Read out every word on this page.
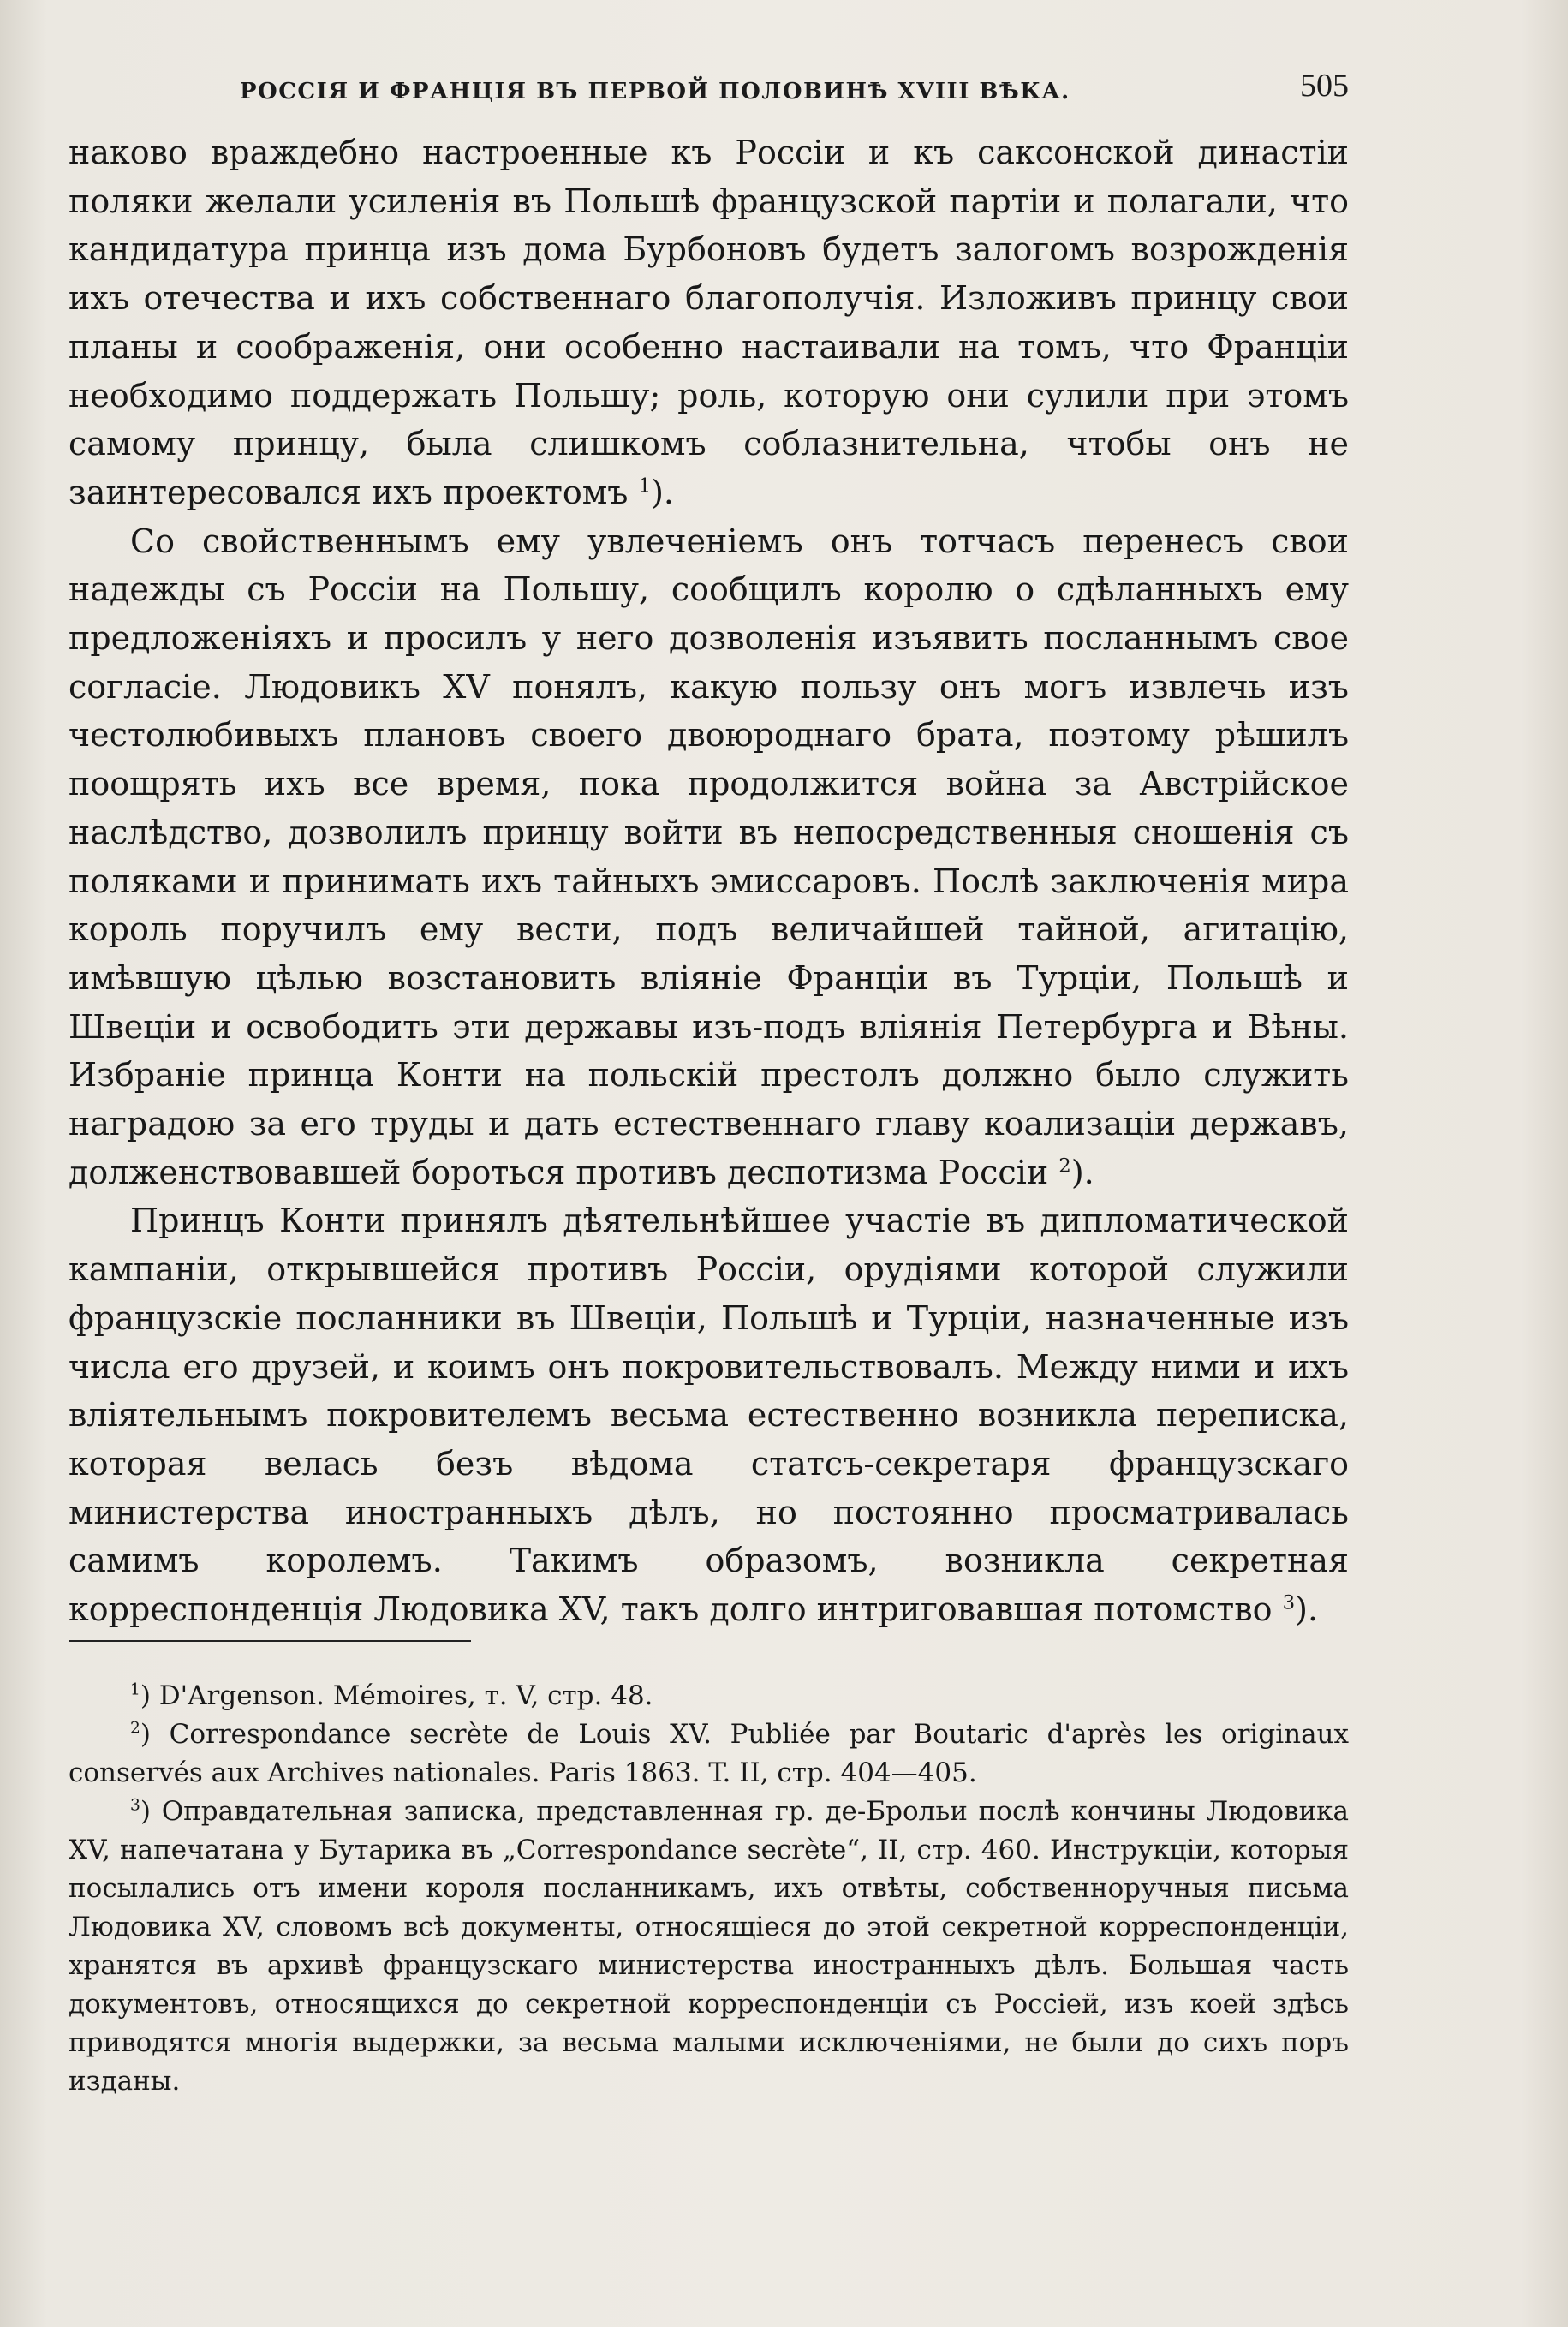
РОССІЯ И ФРАНЦІЯ ВЪ ПЕРВОЙ ПОЛОВИНѢ XVIII ВѢКА.	505

наково враждебно настроенные къ Россіи и къ саксонской династіи поляки желали усиленія въ Польшѣ французской партіи и полагали, что кандидатура принца изъ дома Бурбоновъ будетъ залогомъ возрожденія ихъ отечества и ихъ собственнаго благополучія. Изложивъ принцу свои планы и соображенія, они особенно настаивали на томъ, что Франціи необходимо поддержать Польшу; роль, которую они сулили при этомъ самому принцу, была слишкомъ соблазнительна, чтобы онъ не заинтересовался ихъ проектомъ $^1$).

Со свойственнымъ ему увлеченіемъ онъ тотчасъ перенесъ свои надежды съ Россіи на Польшу, сообщилъ королю о сдѣланныхъ ему предложеніяхъ и просилъ у него дозволенія изъявить посланнымъ свое согласіе. Людовикъ XV понялъ, какую пользу онъ могъ извлечь изъ честолюбивыхъ плановъ своего двоюроднаго брата, поэтому рѣшилъ поощрять ихъ все время, пока продолжится война за Австрійское наслѣдство, дозволилъ принцу войти въ непосредственныя сношенія съ поляками и принимать ихъ тайныхъ эмиссаровъ. Послѣ заключенія мира король поручилъ ему вести, подъ величайшей тайной, агитацію, имѣвшую цѣлью возстановить вліяніе Франціи въ Турціи, Польшѣ и Швеціи и освободить эти державы изъ-подъ вліянія Петербурга и Вѣны. Избраніе принца Конти на польскій престолъ должно было служить наградою за его труды и дать естественнаго главу коализаціи державъ, долженствовавшей бороться противъ деспотизма Россіи $^2$).

Принцъ Конти принялъ дѣятельнѣйшее участіе въ дипломатической кампаніи, открывшейся противъ Россіи, орудіями которой служили французскіе посланники въ Швеціи, Польшѣ и Турціи, назначенные изъ числа его друзей, и коимъ онъ покровительствовалъ. Между ними и ихъ вліятельнымъ покровителемъ весьма естественно возникла переписка, которая велась безъ вѣдома статсъ-секретаря французскаго министерства иностранныхъ дѣлъ, но постоянно просматривалась самимъ королемъ. Такимъ образомъ, возникла секретная корреспонденція Людовика XV, такъ долго интриговавшая потомство $^3$).

$^1$) D'Argenson. Mémoires, т. V, стр. 48.

$^2$) Correspondance secrète de Louis XV. Publiée par Boutaric d'après les originaux conservés aux Archives nationales. Paris 1863. T. II, стр. 404—405.

$^3$) Оправдательная записка, представленная гр. де-Брольи послѣ кончины Людовика XV, напечатана у Бутарика въ „Correspondance secrète“, II, стр. 460. Инструкціи, которыя посылались отъ имени короля посланникамъ, ихъ отвѣты, собственноручныя письма Людовика XV, словомъ всѣ документы, относящіеся до этой секретной корреспонденціи, хранятся въ архивѣ французскаго министерства иностранныхъ дѣлъ. Большая часть документовъ, относящихся до секретной корреспонденціи съ Россіей, изъ коей здѣсь приводятся многія выдержки, за весьма малыми исключеніями, не были до сихъ поръ изданы.
